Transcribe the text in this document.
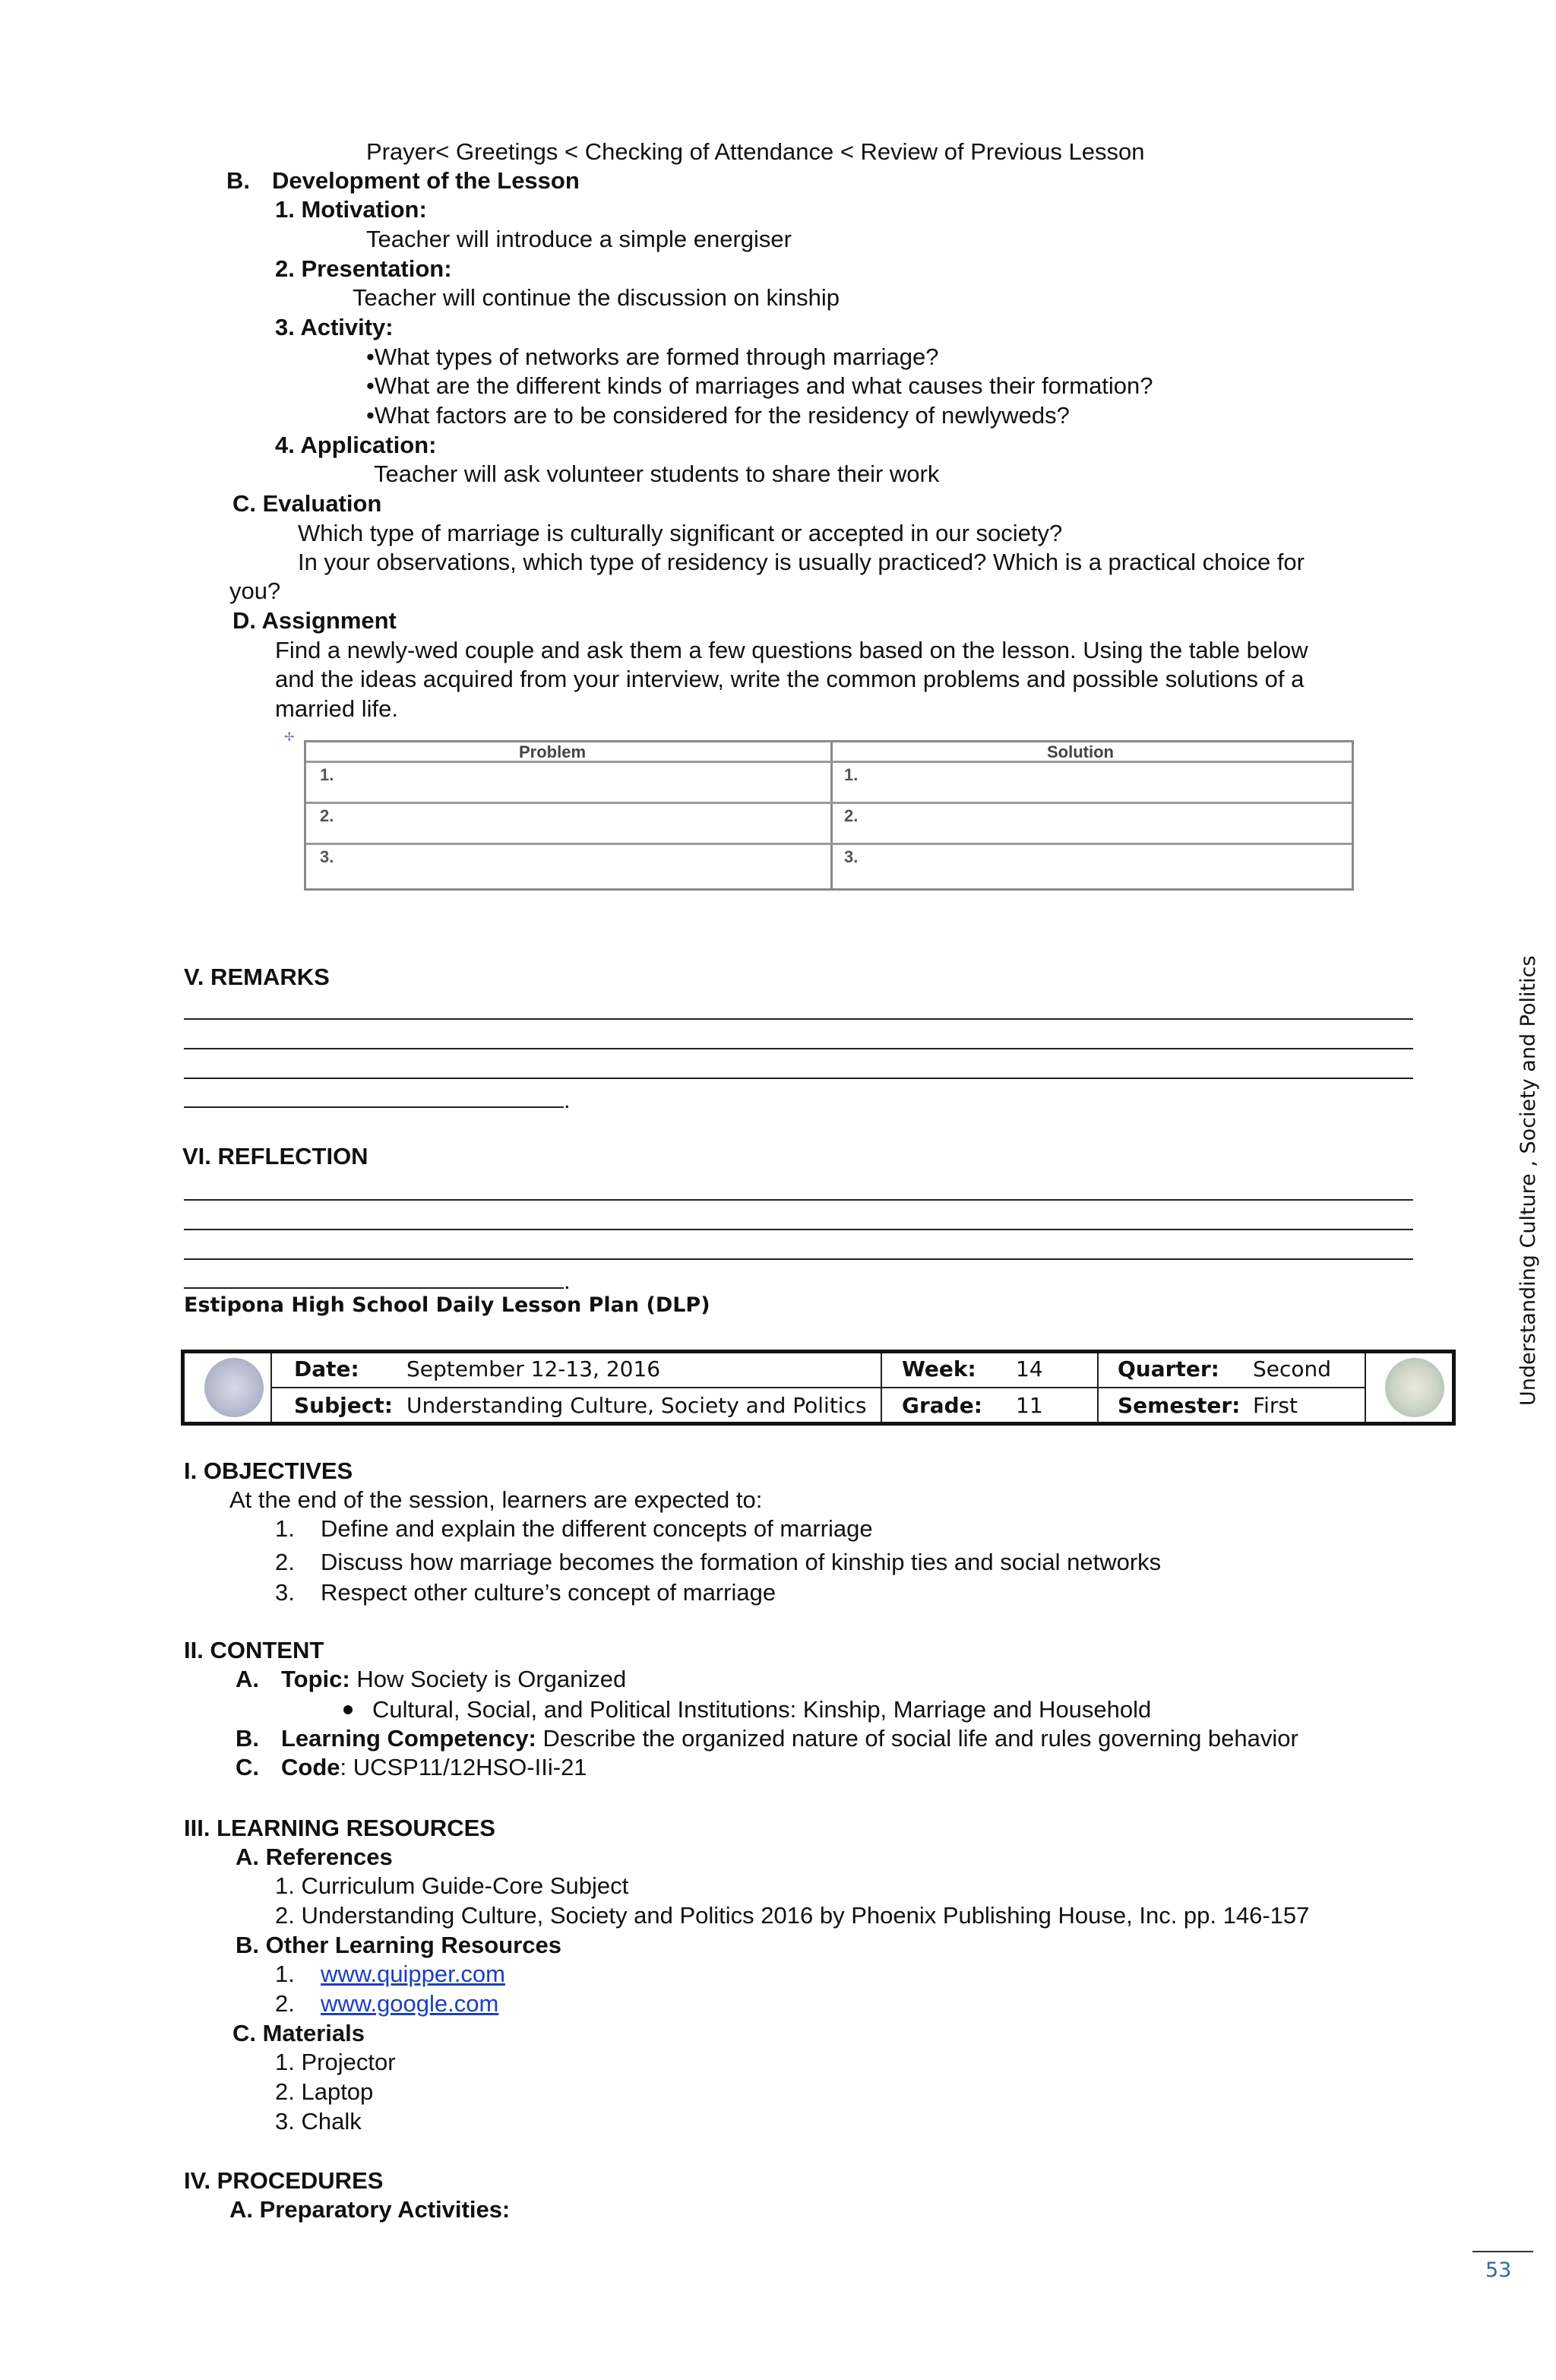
Prayer< Greetings < Checking of Attendance < Review of Previous Lesson
B. Development of the Lesson
1. Motivation:
Teacher will introduce a simple energiser
2. Presentation:
Teacher will continue the discussion on kinship
3. Activity:
•What types of networks are formed through marriage?
•What are the different kinds of marriages and what causes their formation?
•What factors are to be considered for the residency of newlyweds?
4. Application:
Teacher will ask volunteer students to share their work
C. Evaluation
Which type of marriage is culturally significant or accepted in our society?
In your observations, which type of residency is usually practiced? Which is a practical choice for
you?
D. Assignment
Find a newly-wed couple and ask them a few questions based on the lesson. Using the table below
and the ideas acquired from your interview, write the common problems and possible solutions of a
married life.
✢
Problem	Solution
1.	1.
2.	2.
3.	3.
V. REMARKS
.
VI. REFLECTION
.
Estipona High School Daily Lesson Plan (DLP)
Date: September 12-13, 2016	Week: 14	Quarter: Second
Subject: Understanding Culture, Society and Politics Grade: 11	Semester: First
I. OBJECTIVES
At the end of the session, learners are expected to:
1. Define and explain the different concepts of marriage
2. Discuss how marriage becomes the formation of kinship ties and social networks
3. Respect other culture’s concept of marriage
II. CONTENT
A. Topic: How Society is Organized
Cultural, Social, and Political Institutions: Kinship, Marriage and Household
B. Learning Competency: Describe the organized nature of social life and rules governing behavior
C. Code: UCSP11/12HSO-IIi-21
III. LEARNING RESOURCES
A. References
1. Curriculum Guide-Core Subject
2. Understanding Culture, Society and Politics 2016 by Phoenix Publishing House, Inc. pp. 146-157
B. Other Learning Resources
1. www.quipper.com
2. www.google.com
C. Materials
1. Projector
2. Laptop
3. Chalk
IV. PROCEDURES
A. Preparatory Activities:
Understanding Culture , Society and Politics
53
